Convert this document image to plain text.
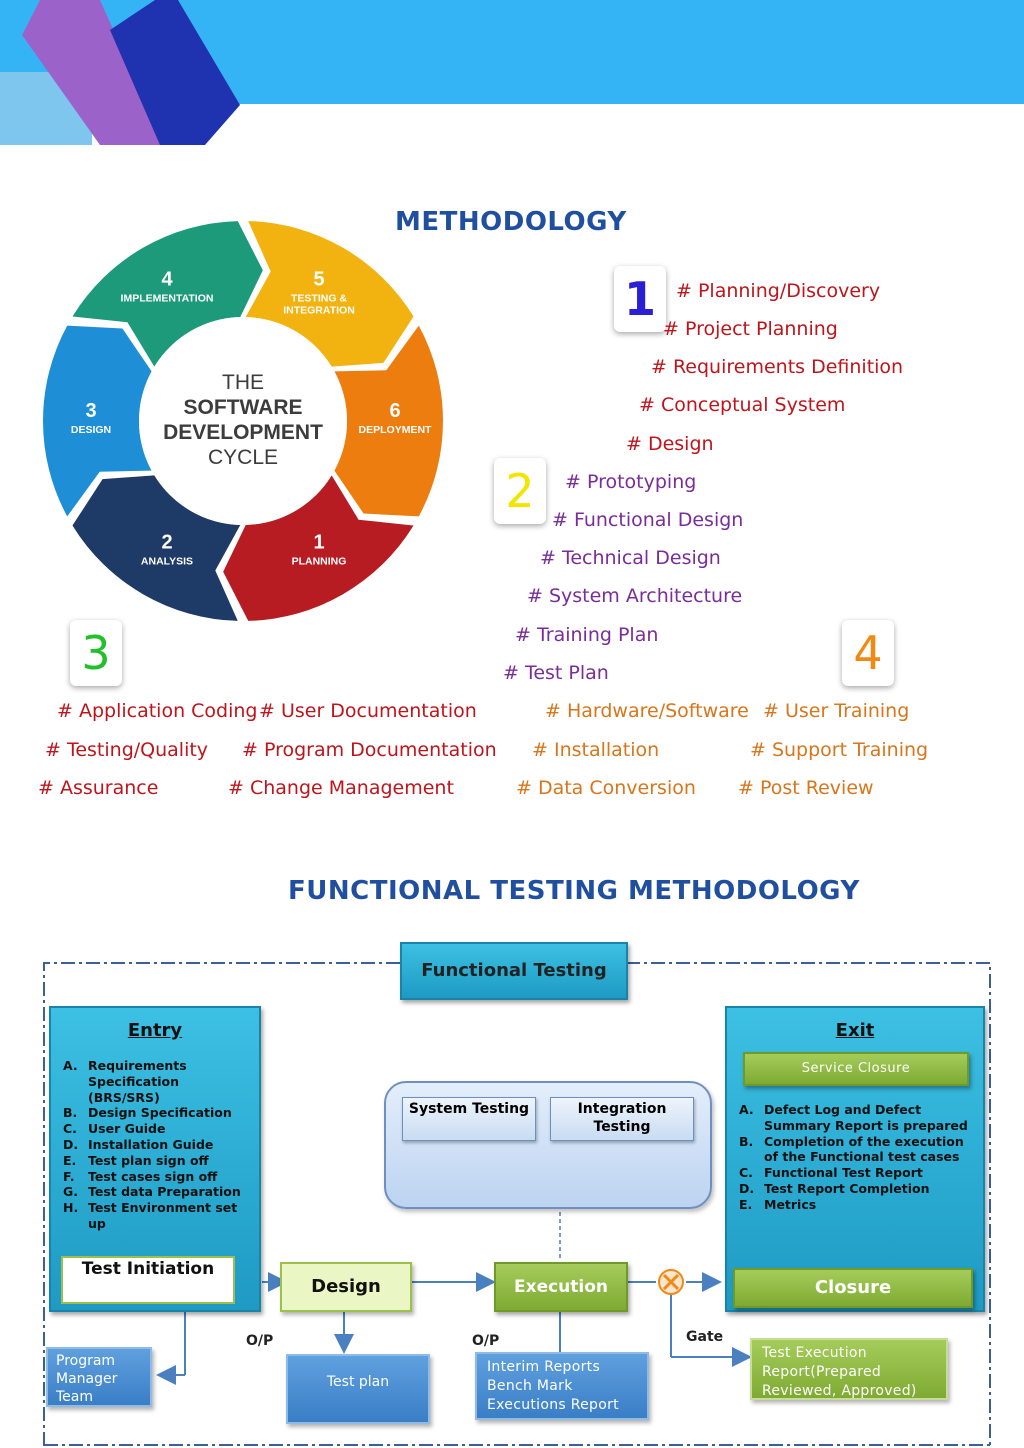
METHODOLOGY
THE
SOFTWARE
DEVELOPMENT
CYCLE
1
PLANNING
2
ANALYSIS
3
DESIGN
4
IMPLEMENTATION
5
TESTING &
INTEGRATION
6
DEPLOYMENT
1
2
3	4
# Planning/Discovery
# Project Planning
# Requirements Definition
# Conceptual System
# Design
# Prototyping
# Functional Design
# Technical Design
# System Architecture
# Training Plan
# Test Plan
# Application Coding
# Testing/Quality
# Assurance
# User Documentation
# Program Documentation
# Change Management
# Hardware/Software
# Installation
# Data Conversion
# User Training
# Support Training
# Post Review
FUNCTIONAL TESTING METHODOLOGY
Functional Testing
Entry
A. Requirements Specification (BRS/SRS)
B. Design Specification
C. User Guide
D. Installation Guide
E. Test plan sign off
F.	Test cases sign off
G. Test data Preparation
H. Test Environment set up
Test Initiation
Exit
Service Closure
A. Defect Log and Defect Summary Report is prepared
B. Completion of the execution of the Functional test cases
C. Functional Test Report
D. Test Report Completion
E. Metrics
Closure
System Testing	Integration Testing
Design	Execution
O/P	O/P	Gate
Program Manager Team
Test plan
Interim Reports
Bench Mark
Executions Report
Test Execution Report(Prepared Reviewed, Approved)
